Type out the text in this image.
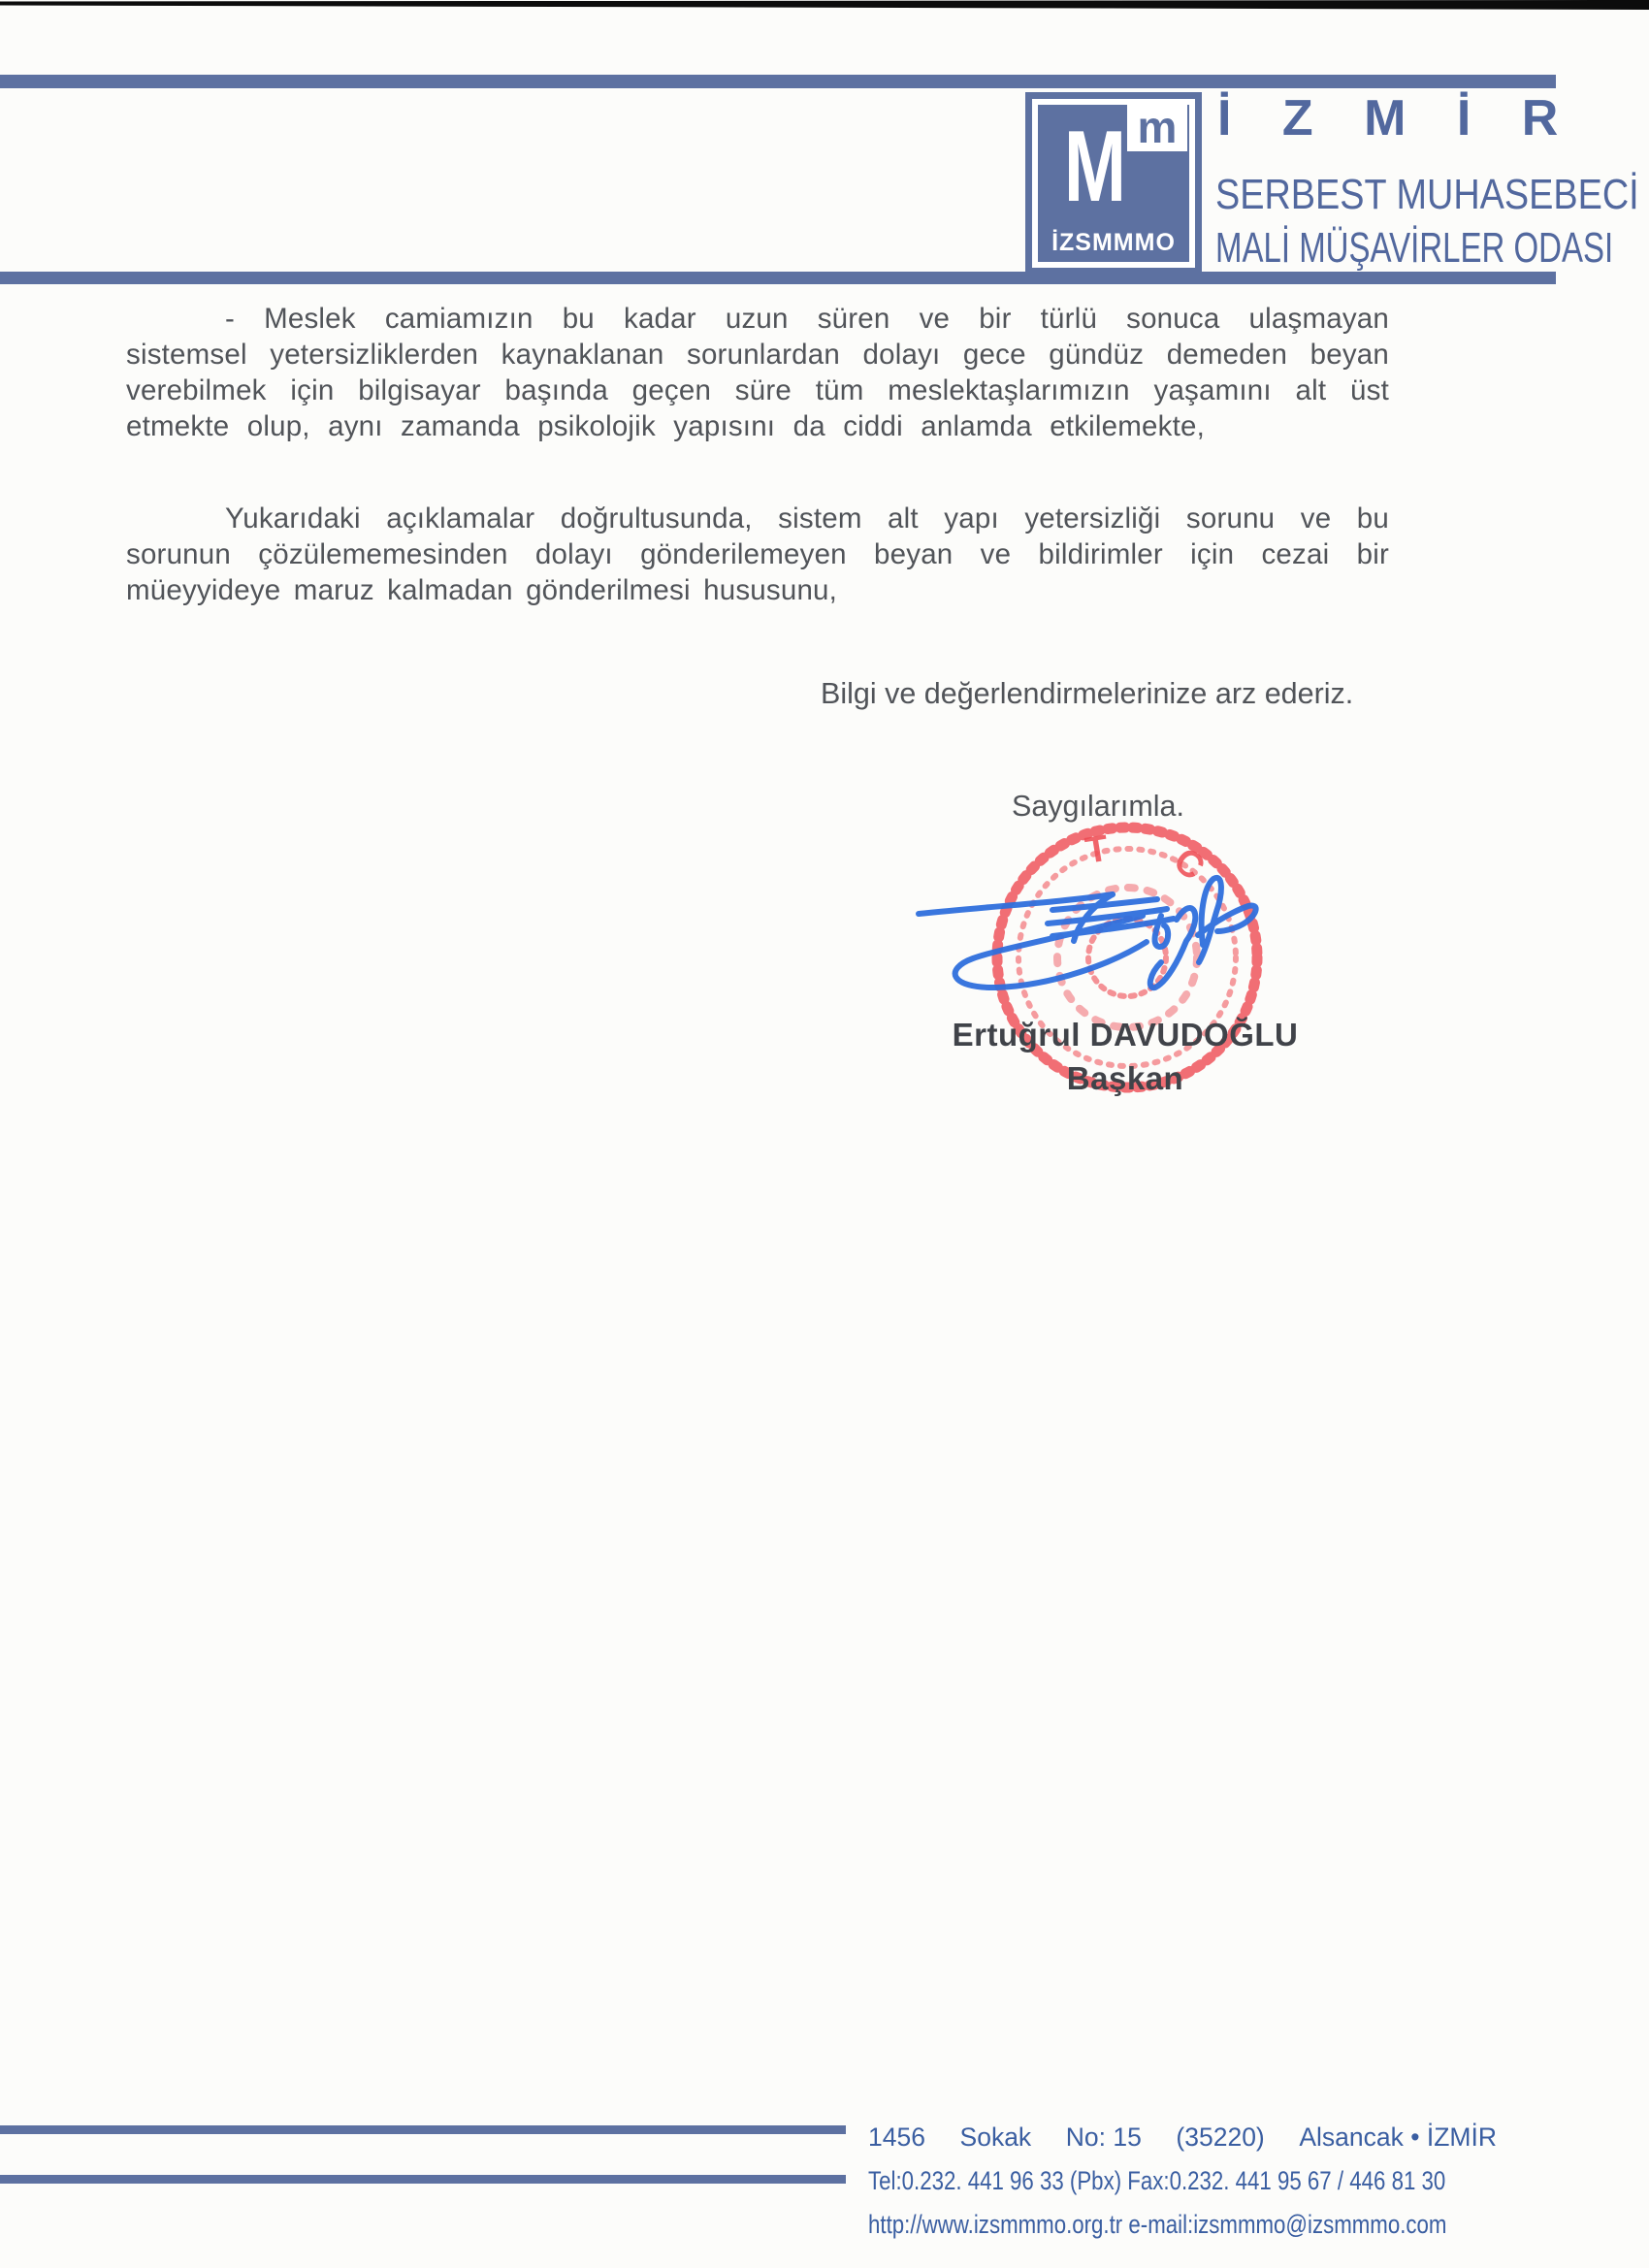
M m
İZSMMMO
İ Z M İ R
SERBEST MUHASEBECİ
MALİ MÜŞAVİRLER ODASI

- Meslek camiamızın bu kadar uzun süren ve bir türlü sonuca ulaşmayan sistemsel yetersizliklerden kaynaklanan sorunlardan dolayı gece gündüz demeden beyan verebilmek için bilgisayar başında geçen süre tüm meslektaşlarımızın yaşamını alt üst etmekte olup, aynı zamanda psikolojik yapısını da ciddi anlamda etkilemekte,

Yukarıdaki açıklamalar doğrultusunda, sistem alt yapı yetersizliği sorunu ve bu sorunun çözülememesinden dolayı gönderilemeyen beyan ve bildirimler için cezai bir müeyyideye maruz kalmadan gönderilmesi hususunu,

Bilgi ve değerlendirmelerinize arz ederiz.
Saygılarımla.
T C
Ertuğrul DAVUDOĞLU
Başkan
1456 Sokak No: 15 (35220) Alsancak • İZMİR
Tel:0.232. 441 96 33 (Pbx) Fax:0.232. 441 95 67 / 446 81 30
http://www.izsmmmo.org.tr e-mail:izsmmmo@izsmmmo.com
